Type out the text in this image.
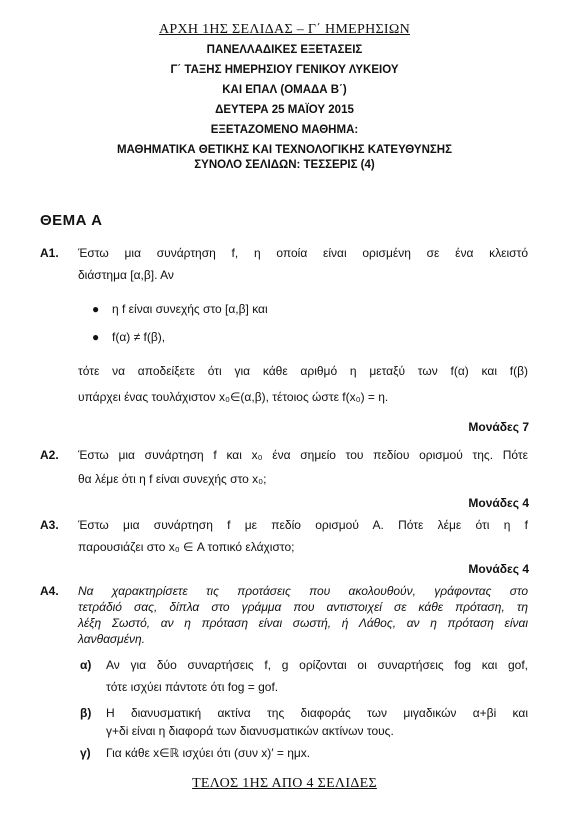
ΑΡΧΗ 1ΗΣ ΣΕΛΙΔΑΣ – Γ΄ ΗΜΕΡΗΣΙΩΝ
ΠΑΝΕΛΛΑΔΙΚΕΣ ΕΞΕΤΑΣΕΙΣ
Γ΄ ΤΑΞΗΣ ΗΜΕΡΗΣΙΟΥ ΓΕΝΙΚΟΥ ΛΥΚΕΙΟΥ
ΚΑΙ ΕΠΑΛ (ΟΜΑΔΑ Β΄)
ΔΕΥΤΕΡΑ 25 ΜΑΪΟΥ 2015
ΕΞΕΤΑΖΟΜΕΝΟ ΜΑΘΗΜΑ:
ΜΑΘΗΜΑΤΙΚΑ ΘΕΤΙΚΗΣ ΚΑΙ ΤΕΧΝΟΛΟΓΙΚΗΣ ΚΑΤΕΥΘΥΝΣΗΣ
ΣΥΝΟΛΟ ΣΕΛΙΔΩΝ: ΤΕΣΣΕΡΙΣ (4)
ΘΕΜΑ Α
Α1. Έστω μια συνάρτηση f, η οποία είναι ορισμένη σε ένα κλειστό
διάστημα [α,β]. Αν
● η f είναι συνεχής στο [α,β] και
● f(α) ≠ f(β),
τότε να αποδείξετε ότι για κάθε αριθμό η μεταξύ των f(α) και f(β)
υπάρχει ένας τουλάχιστον x₀∈(α,β), τέτοιος ώστε f(x₀) = η.
Μονάδες 7
Α2. Έστω μια συνάρτηση f και x₀ ένα σημείο του πεδίου ορισμού της. Πότε
θα λέμε ότι η f είναι συνεχής στο x₀;
Μονάδες 4
Α3. Έστω μια συνάρτηση f με πεδίο ορισμού Α. Πότε λέμε ότι η f
παρουσιάζει στο x₀ ∈ Α τοπικό ελάχιστο;
Μονάδες 4
Α4. Να χαρακτηρίσετε τις προτάσεις που ακολουθούν, γράφοντας στο
τετράδιό σας, δίπλα στο γράμμα που αντιστοιχεί σε κάθε πρόταση, τη
λέξη Σωστό, αν η πρόταση είναι σωστή, ή Λάθος, αν η πρόταση είναι
λανθασμένη.
α) Αν για δύο συναρτήσεις f, g ορίζονται οι συναρτήσεις fog και gof,
τότε ισχύει πάντοτε ότι fog = gof.
β) Η διανυσματική ακτίνα της διαφοράς των μιγαδικών α+βi και
γ+δi είναι η διαφορά των διανυσματικών ακτίνων τους.
γ) Για κάθε x∈ℝ ισχύει ότι (συν x)′ = ημx.
ΤΕΛΟΣ 1ΗΣ ΑΠΟ 4 ΣΕΛΙΔΕΣ
